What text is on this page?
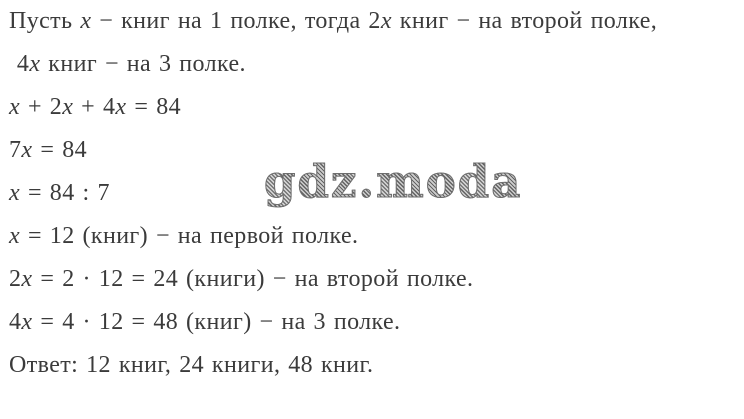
Пусть x − книг на 1 полке, тогда 2x книг − на второй полке,
4x книг − на 3 полке.
x + 2x + 4x = 84
7x = 84
x = 84 : 7
x = 12 (книг) − на первой полке.
2x = 2 · 12 = 24 (книги) − на второй полке.
4x = 4 · 12 = 48 (книг) − на 3 полке.
Ответ: 12 книг, 24 книги, 48 книг.
gdz.moda
